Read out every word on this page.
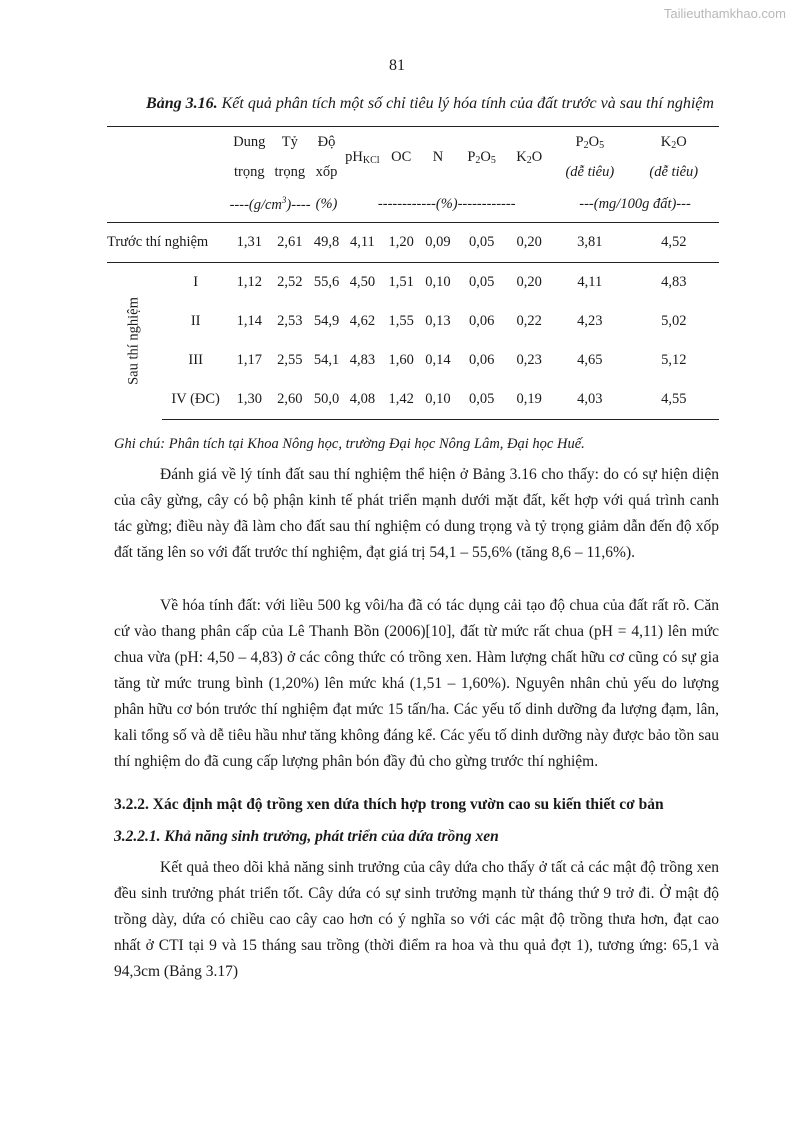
Tailieuthamkhao.com
81
Bảng 3.16. Kết quả phân tích một số chỉ tiêu lý hóa tính của đất trước và sau thí nghiệm
		Dung	Tỷ	Độ	$pH_{KCl}$	OC	N	$P_2O_5$	$K_2O$	$P_2O_5$	$K_2O$
		trọng	trọng	xốp						(dễ tiêu)	(dễ tiêu)
		$----(g/cm^3)----$		(%)	------------(%)------------					---(mg/100g đất)---	
Trước thí nghiệm		1,31	2,61	49,8	4,11	1,20	0,09	0,05	0,20	3,81	4,52

Sau thí nghiệm	I	1,12	2,52	55,6	4,50	1,51	0,10	0,05	0,20	4,11	4,83
	II	1,14	2,53	54,9	4,62	1,55	0,13	0,06	0,22	4,23	5,02
	III	1,17	2,55	54,1	4,83	1,60	0,14	0,06	0,23	4,65	5,12
	IV (ĐC)	1,30	2,60	50,0	4,08	1,42	0,10	0,05	0,19	4,03	4,55
Ghi chú: Phân tích tại Khoa Nông học, trường Đại học Nông Lâm, Đại học Huế.

Đánh giá về lý tính đất sau thí nghiệm thể hiện ở Bảng 3.16 cho thấy: do có sự hiện diện của cây gừng, cây có bộ phận kinh tế phát triển mạnh dưới mặt đất, kết hợp với quá trình canh tác gừng; điều này đã làm cho đất sau thí nghiệm có dung trọng và tỷ trọng giảm dẫn đến độ xốp đất tăng lên so với đất trước thí nghiệm, đạt giá trị 54,1 – 55,6% (tăng 8,6 – 11,6%).

Về hóa tính đất: với liều 500 kg vôi/ha đã có tác dụng cải tạo độ chua của đất rất rõ. Căn cứ vào thang phân cấp của Lê Thanh Bồn (2006)[10], đất từ mức rất chua (pH = 4,11) lên mức chua vừa (pH: 4,50 – 4,83) ở các công thức có trồng xen. Hàm lượng chất hữu cơ cũng có sự gia tăng từ mức trung bình (1,20%) lên mức khá (1,51 – 1,60%). Nguyên nhân chủ yếu do lượng phân hữu cơ bón trước thí nghiệm đạt mức 15 tấn/ha. Các yếu tố dinh dưỡng đa lượng đạm, lân, kali tổng số và dễ tiêu hầu như tăng không đáng kể. Các yếu tố dinh dưỡng này được bảo tồn sau thí nghiệm do đã cung cấp lượng phân bón đầy đủ cho gừng trước thí nghiệm.

3.2.2. Xác định mật độ trồng xen dứa thích hợp trong vườn cao su kiến thiết cơ bản
3.2.2.1. Khả năng sinh trưởng, phát triển của dứa trồng xen

Kết quả theo dõi khả năng sinh trưởng của cây dứa cho thấy ở tất cả các mật độ trồng xen đều sinh trưởng phát triển tốt. Cây dứa có sự sinh trưởng mạnh từ tháng thứ 9 trở đi. Ở mật độ trồng dày, dứa có chiều cao cây cao hơn có ý nghĩa so với các mật độ trồng thưa hơn, đạt cao nhất ở CTI tại 9 và 15 tháng sau trồng (thời điểm ra hoa và thu quả đợt 1), tương ứng: 65,1 và 94,3cm (Bảng 3.17)
